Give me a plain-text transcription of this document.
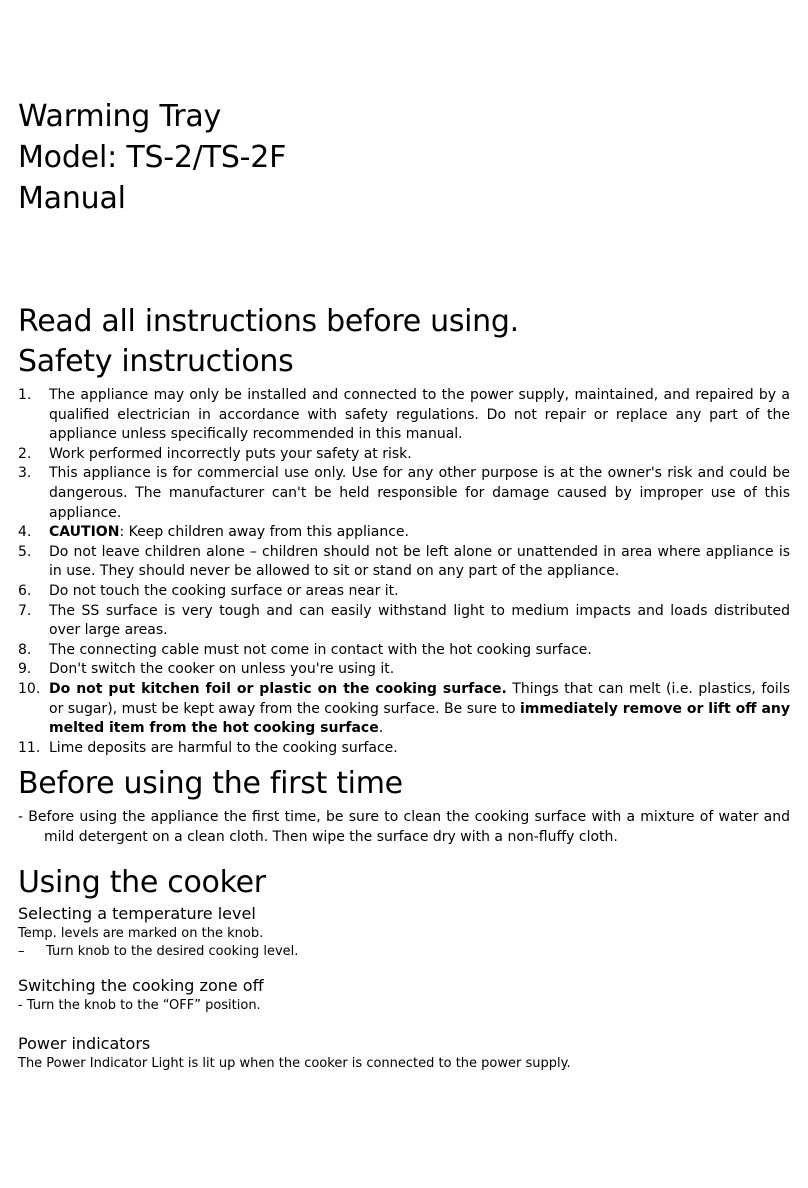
Warming Tray
Model: TS-2/TS-2F
Manual
Read all instructions before using.
Safety instructions
1. The appliance may only be installed and connected to the power supply, maintained, and repaired by a qualified electrician in accordance with safety regulations. Do not repair or replace any part of the appliance unless specifically recommended in this manual.
2. Work performed incorrectly puts your safety at risk.
3. This appliance is for commercial use only. Use for any other purpose is at the owner's risk and could be dangerous. The manufacturer can't be held responsible for damage caused by improper use of this appliance.
4. CAUTION: Keep children away from this appliance.
5. Do not leave children alone – children should not be left alone or unattended in area where appliance is in use. They should never be allowed to sit or stand on any part of the appliance.
6. Do not touch the cooking surface or areas near it.
7. The SS surface is very tough and can easily withstand light to medium impacts and loads distributed over large areas.
8. The connecting cable must not come in contact with the hot cooking surface.
9. Don't switch the cooker on unless you're using it.
10. Do not put kitchen foil or plastic on the cooking surface. Things that can melt (i.e. plastics, foils or sugar), must be kept away from the cooking surface. Be sure to immediately remove or lift off any melted item from the hot cooking surface.
11. Lime deposits are harmful to the cooking surface.
Before using the first time

- Before using the appliance the first time, be sure to clean the cooking surface with a mixture of water and mild detergent on a clean cloth. Then wipe the surface dry with a non-fluffy cloth.

Using the cooker
Selecting a temperature level

Temp. levels are marked on the knob.

– Turn knob to the desired cooking level.

Switching the cooking zone off

- Turn the knob to the “OFF” position.

Power indicators

The Power Indicator Light is lit up when the cooker is connected to the power supply.
